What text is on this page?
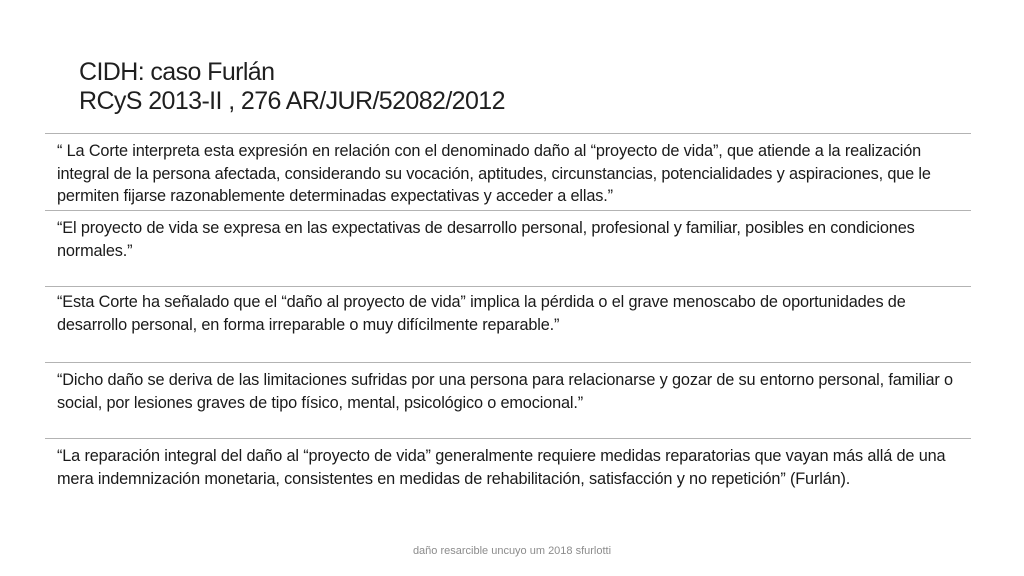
CIDH: caso Furlán
RCyS 2013-II , 276 AR/JUR/52082/2012

“ La Corte interpreta esta expresión en relación con el denominado daño al “proyecto de vida”, que atiende a la realización integral de la persona afectada, considerando su vocación, aptitudes, circunstancias, potencialidades y aspiraciones, que le permiten fijarse razonablemente determinadas expectativas y acceder a ellas.”

“El proyecto de vida se expresa en las expectativas de desarrollo personal, profesional y familiar, posibles en condiciones normales.”

“Esta Corte ha señalado que el “daño al proyecto de vida” implica la pérdida o el grave menoscabo de oportunidades de desarrollo personal, en forma irreparable o muy difícilmente reparable.”

“Dicho daño se deriva de las limitaciones sufridas por una persona para relacionarse y gozar de su entorno personal, familiar o social, por lesiones graves de tipo físico, mental, psicológico o emocional.”

“La reparación integral del daño al “proyecto de vida” generalmente requiere medidas reparatorias que vayan más allá de una mera indemnización monetaria, consistentes en medidas de rehabilitación, satisfacción y no repetición” (Furlán).

daño resarcible uncuyo um 2018 sfurlotti
